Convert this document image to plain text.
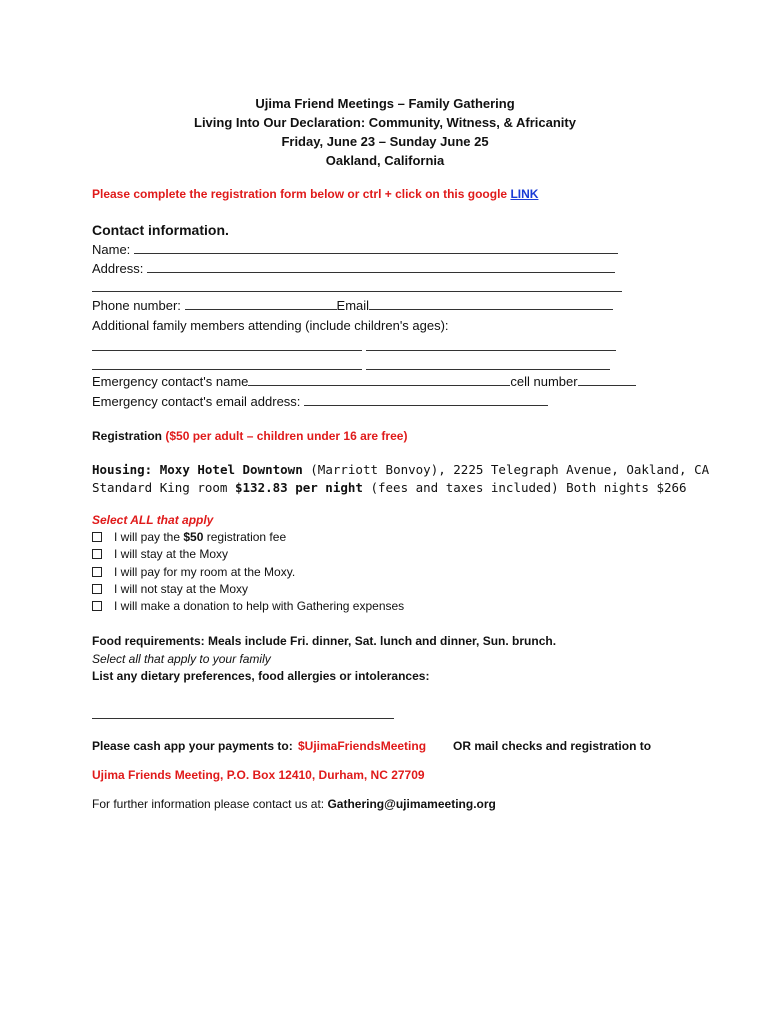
Ujima Friend Meetings – Family Gathering
Living Into Our Declaration: Community, Witness, & Africanity
Friday, June 23 – Sunday June 25
Oakland, California
Please complete the registration form below or ctrl + click on this google LINK
Contact information.
Name:
Address:
Phone number:	Email
Additional family members attending (include children's ages):
Emergency contact's name	cell number
Emergency contact's email address:
Registration ($50 per adult – children under 16 are free)
Housing: Moxy Hotel Downtown (Marriott Bonvoy), 2225 Telegraph Avenue, Oakland, CA
Standard King room $132.83 per night (fees and taxes included) Both nights $266
Select ALL that apply
I will pay the $50 registration fee
I will stay at the Moxy
I will pay for my room at the Moxy.
I will not stay at the Moxy
I will make a donation to help with Gathering expenses
Food requirements: Meals include Fri. dinner, Sat. lunch and dinner, Sun. brunch.
Select all that apply to your family
List any dietary preferences, food allergies or intolerances:
Please cash app your payments to: $UjimaFriendsMeeting OR mail checks and registration to
Ujima Friends Meeting, P.O. Box 12410, Durham, NC 27709
For further information please contact us at: Gathering@ujimameeting.org
